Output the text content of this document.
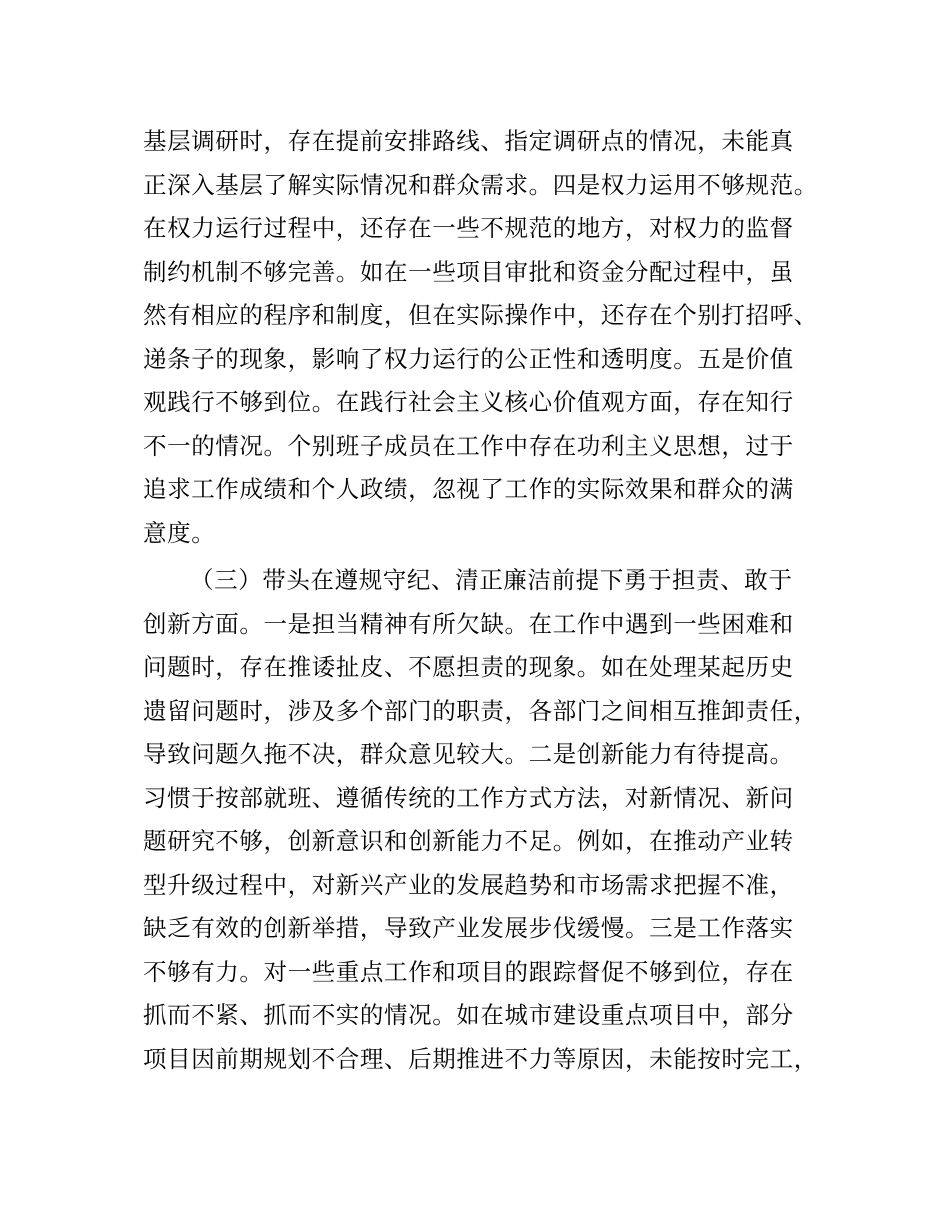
基层调研时，存在提前安排路线、指定调研点的情况，未能真
正深入基层了解实际情况和群众需求。四是权力运用不够规范。
在权力运行过程中，还存在一些不规范的地方，对权力的监督
制约机制不够完善。如在一些项目审批和资金分配过程中，虽
然有相应的程序和制度，但在实际操作中，还存在个别打招呼、
递条子的现象，影响了权力运行的公正性和透明度。五是价值
观践行不够到位。在践行社会主义核心价值观方面，存在知行
不一的情况。个别班子成员在工作中存在功利主义思想，过于
追求工作成绩和个人政绩，忽视了工作的实际效果和群众的满
意度。
（三）带头在遵规守纪、清正廉洁前提下勇于担责、敢于
创新方面。一是担当精神有所欠缺。在工作中遇到一些困难和
问题时，存在推诿扯皮、不愿担责的现象。如在处理某起历史
遗留问题时，涉及多个部门的职责，各部门之间相互推卸责任，
导致问题久拖不决，群众意见较大。二是创新能力有待提高。
习惯于按部就班、遵循传统的工作方式方法，对新情况、新问
题研究不够，创新意识和创新能力不足。例如，在推动产业转
型升级过程中，对新兴产业的发展趋势和市场需求把握不准，
缺乏有效的创新举措，导致产业发展步伐缓慢。三是工作落实
不够有力。对一些重点工作和项目的跟踪督促不够到位，存在
抓而不紧、抓而不实的情况。如在城市建设重点项目中，部分
项目因前期规划不合理、后期推进不力等原因，未能按时完工，
